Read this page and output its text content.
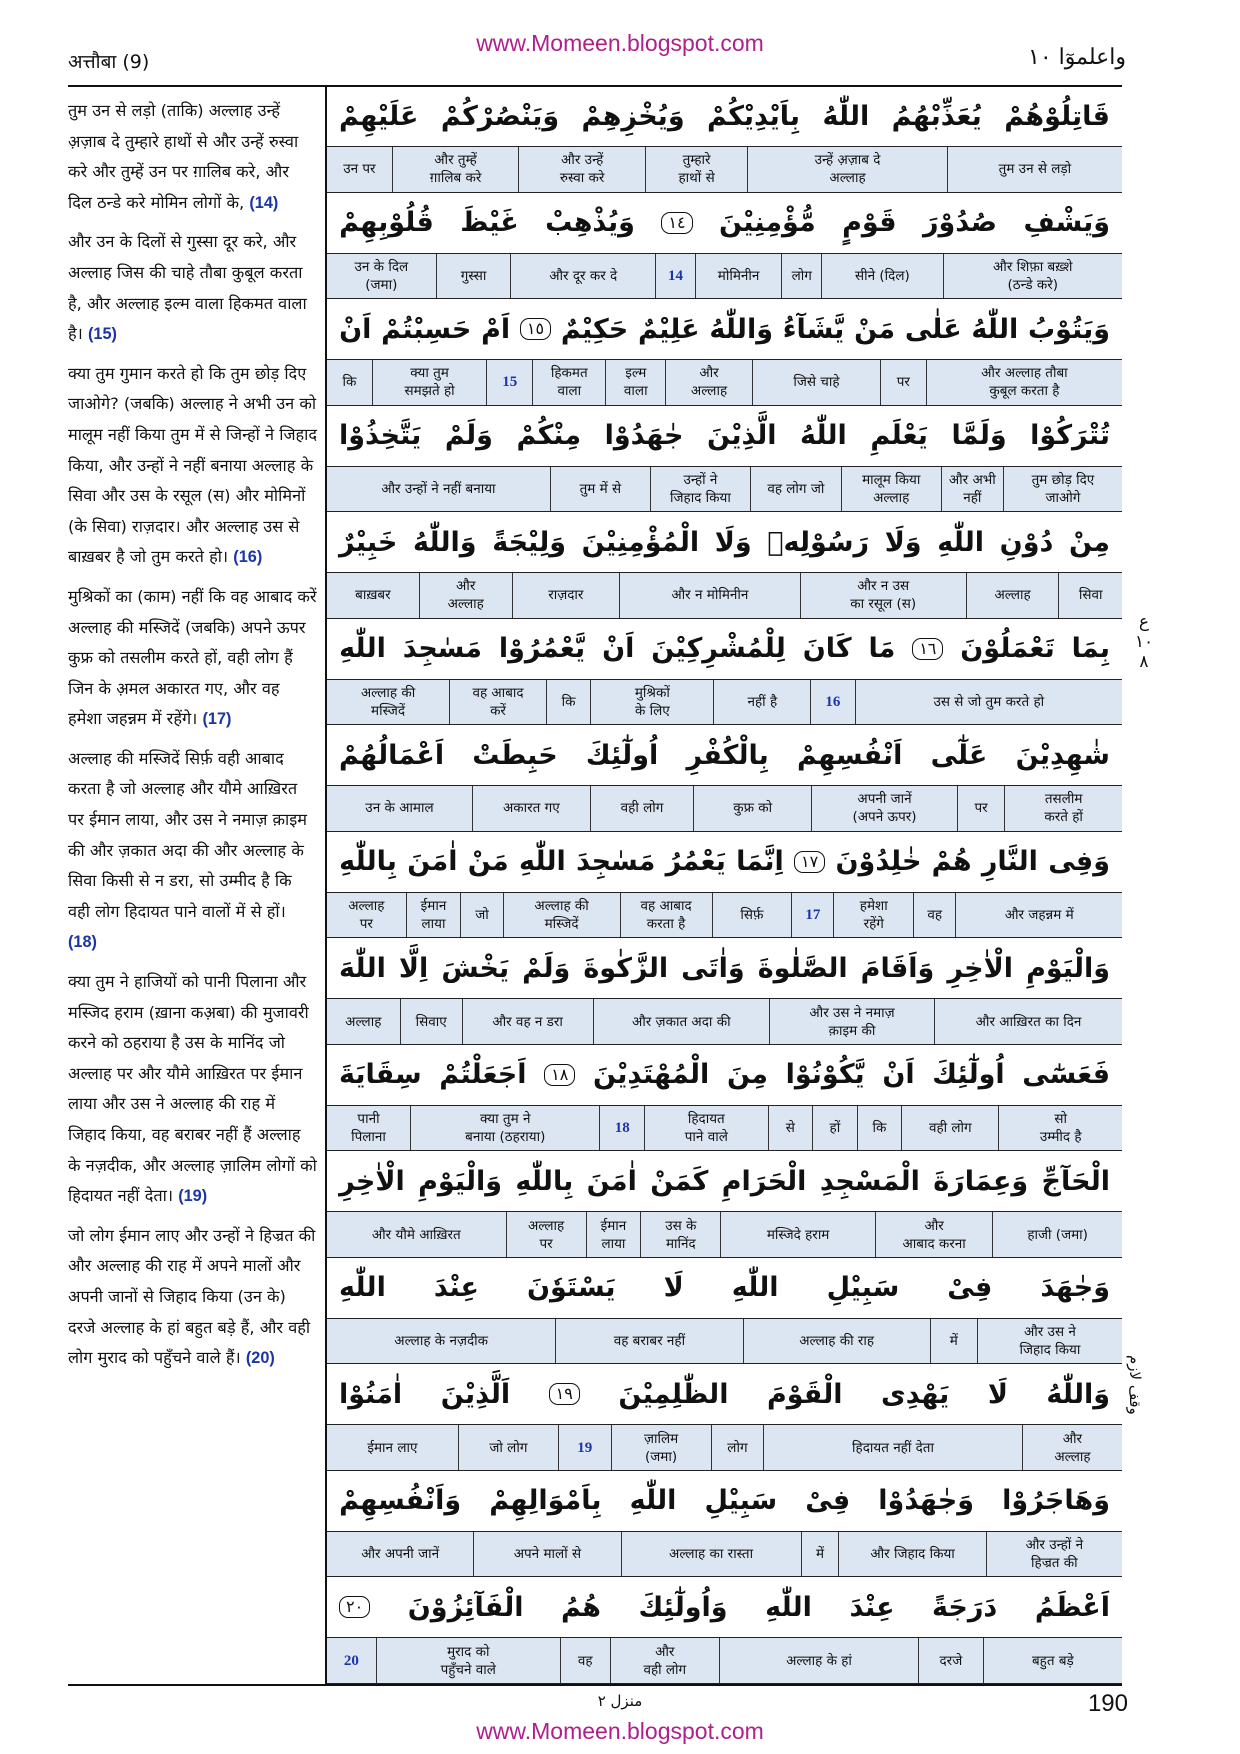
www.Momeen.blogspot.com
अत्तौबा (9)	واعلموٓا ١٠

तुम उन से लड़ो (ताकि) अल्लाह उन्हें अ़ज़ाब दे तुम्हारे हाथों से और उन्हें रुस्वा करे और तुम्हें उन पर ग़ालिब करे, और दिल ठन्डे करे मोमिन लोगों के, (14)

और उन के दिलों से गुस्सा दूर करे, और अल्लाह जिस की चाहे तौबा कुबूल करता है, और अल्लाह इल्म वाला हिकमत वाला है। (15)

क्या तुम गुमान करते हो कि तुम छोड़ दिए जाओगे? (जबकि) अल्लाह ने अभी उन को मालूम नहीं किया तुम में से जिन्हों ने जिहाद किया, और उन्हों ने नहीं बनाया अल्लाह के सिवा और उस के रसूल (स) और मोमिनों (के सिवा) राज़दार। और अल्लाह उस से बाख़बर है जो तुम करते हो। (16)

मुश्रिकों का (काम) नहीं कि वह आबाद करें अल्लाह की मस्जिदें (जबकि) अपने ऊपर कुफ्र को तसलीम करते हों, वही लोग हैं जिन के अ़मल अकारत गए, और वह हमेशा जहन्नम में रहेंगे। (17)

अल्लाह की मस्जिदें सिर्फ़ वही आबाद करता है जो अल्लाह और यौमे आख़िरत पर ईमान लाया, और उस ने नमाज़ क़ाइम की और ज़कात अदा की और अल्लाह के सिवा किसी से न डरा, सो उम्मीद है कि वही लोग हिदायत पाने वालों में से हों। (18)

क्या तुम ने हाजियों को पानी पिलाना और मस्जिद हराम (ख़ाना कअ़बा) की मुजावरी करने को ठहराया है उस के मानिंद जो अल्लाह पर और यौमे आख़िरत पर ईमान लाया और उस ने अल्लाह की राह में जिहाद किया, वह बराबर नहीं हैं अल्लाह के नज़दीक, और अल्लाह ज़ालिम लोगों को हिदायत नहीं देता। (19)

जो लोग ईमान लाए और उन्हों ने हिज्रत की और अल्लाह की राह में अपने मालों और अपनी जानों से जिहाद किया (उन के) दरजे अल्लाह के हां बहुत बड़े हैं, और वही लोग मुराद को पहुँचने वाले हैं। (20)

قَاتِلُوْهُمْ
يُعَذِّبْهُمُ
اللّٰهُ
بِاَيْدِيْكُمْ
وَيُخْزِهِمْ
وَيَنْصُرْكُمْ
عَلَيْهِمْ
तुम उन से लड़ो
उन्हें अ़ज़ाब दे
अल्लाह
तुम्हारे
हाथों से
और उन्हें
रुस्वा करे
और तुम्हें
ग़ालिब करे
उन पर
وَيَشْفِ
صُدُوْرَ
قَوْمٍ
مُّؤْمِنِيْنَ
١٤
وَيُذْهِبْ
غَيْظَ
قُلُوْبِهِمْ
और शिफ़ा बख़्शे
(ठन्डे करे)
सीने (दिल)
लोग
मोमिनीन
14
और दूर कर दे
गुस्सा
उन के दिल
(जमा)
وَيَتُوْبُ
اللّٰهُ
عَلٰى
مَنْ
يَّشَآءُ
وَاللّٰهُ
عَلِيْمٌ
حَكِيْمٌ
١٥
اَمْ
حَسِبْتُمْ
اَنْ
और अल्लाह तौबा
कुबूल करता है
पर
जिसे चाहे
और
अल्लाह
इल्म
वाला
हिकमत
वाला
15
क्या तुम
समझते हो
कि
تُتْرَكُوْا
وَلَمَّا
يَعْلَمِ
اللّٰهُ
الَّذِيْنَ
جٰهَدُوْا
مِنْكُمْ
وَلَمْ
يَتَّخِذُوْا
तुम छोड़ दिए
जाओगे
और अभी
नहीं
मालूम किया
अल्लाह
वह लोग जो
उन्हों ने
जिहाद किया
तुम में से
और उन्हों ने नहीं बनाया
مِنْ
دُوْنِ
اللّٰهِ
وَلَا
رَسُوْلِهٖ
وَلَا
الْمُؤْمِنِيْنَ
وَلِيْجَةً
وَاللّٰهُ
خَبِيْرٌ
सिवा
अल्लाह
और न उस
का रसूल (स)
और न मोमिनीन
राज़दार
और
अल्लाह
बाख़बर
بِمَا
تَعْمَلُوْنَ
١٦
مَا
كَانَ
لِلْمُشْرِكِيْنَ
اَنْ
يَّعْمُرُوْا
مَسٰجِدَ
اللّٰهِ
उस से जो तुम करते हो
16
नहीं है
मुश्रिकों
के लिए
कि
वह आबाद
करें
अल्लाह की
मस्जिदें
شٰهِدِيْنَ
عَلٰٓى
اَنْفُسِهِمْ
بِالْكُفْرِ
اُولٰٓئِكَ
حَبِطَتْ
اَعْمَالُهُمْ
तसलीम
करते हों
पर
अपनी जानें
(अपने ऊपर)
कुफ्र को
वही लोग
अकारत गए
उन के आमाल
وَفِى
النَّارِ
هُمْ
خٰلِدُوْنَ
١٧
اِنَّمَا
يَعْمُرُ
مَسٰجِدَ
اللّٰهِ
مَنْ
اٰمَنَ
بِاللّٰهِ
और जहन्नम में
वह
हमेशा
रहेंगे
17
सिर्फ़
वह आबाद
करता है
अल्लाह की
मस्जिदें
जो
ईमान
लाया
अल्लाह
पर
وَالْيَوْمِ
الْاٰخِرِ
وَاَقَامَ
الصَّلٰوةَ
وَاٰتَى
الزَّكٰوةَ
وَلَمْ
يَخْشَ
اِلَّا
اللّٰهَ
और आख़िरत का दिन
और उस ने नमाज़
क़ाइम की
और ज़कात अदा की
और वह न डरा
सिवाए
अल्लाह
فَعَسٰٓى
اُولٰٓئِكَ
اَنْ
يَّكُوْنُوْا
مِنَ
الْمُهْتَدِيْنَ
١٨
اَجَعَلْتُمْ
سِقَايَةَ
सो
उम्मीद है
वही लोग
कि
हों
से
हिदायत
पाने वाले
18
क्या तुम ने
बनाया (ठहराया)
पानी
पिलाना
الْحَآجِّ
وَعِمَارَةَ
الْمَسْجِدِ
الْحَرَامِ
كَمَنْ
اٰمَنَ
بِاللّٰهِ
وَالْيَوْمِ
الْاٰخِرِ
हाजी (जमा)
और
आबाद करना
मस्जिदे हराम
उस के
मानिंद
ईमान
लाया
अल्लाह
पर
और यौमे आख़िरत
وَجٰهَدَ
فِىْ
سَبِيْلِ
اللّٰهِ
لَا
يَسْتَوٗنَ
عِنْدَ
اللّٰهِ
और उस ने
जिहाद किया
में
अल्लाह की राह
वह बराबर नहीं
अल्लाह के नज़दीक
وَاللّٰهُ
لَا
يَهْدِى
الْقَوْمَ
الظّٰلِمِيْنَ
١٩
اَلَّذِيْنَ
اٰمَنُوْا
और
अल्लाह
हिदायत नहीं देता
लोग
ज़ालिम
(जमा)
19
जो लोग
ईमान लाए
وَهَاجَرُوْا
وَجٰهَدُوْا
فِىْ
سَبِيْلِ
اللّٰهِ
بِاَمْوَالِهِمْ
وَاَنْفُسِهِمْ
और उन्हों ने
हिज्रत की
और जिहाद किया
में
अल्लाह का रास्ता
अपने मालों से
और अपनी जानें
اَعْظَمُ
دَرَجَةً
عِنْدَ
اللّٰهِ
وَاُولٰٓئِكَ
هُمُ
الْفَآئِزُوْنَ
٢٠
बहुत बड़े
दरजे
अल्लाह के हां
और
वही लोग
वह
मुराद को
पहुँचने वाले
20
ع
١٠
٨
وقف لازم
منزل ٢	190
www.Momeen.blogspot.com
